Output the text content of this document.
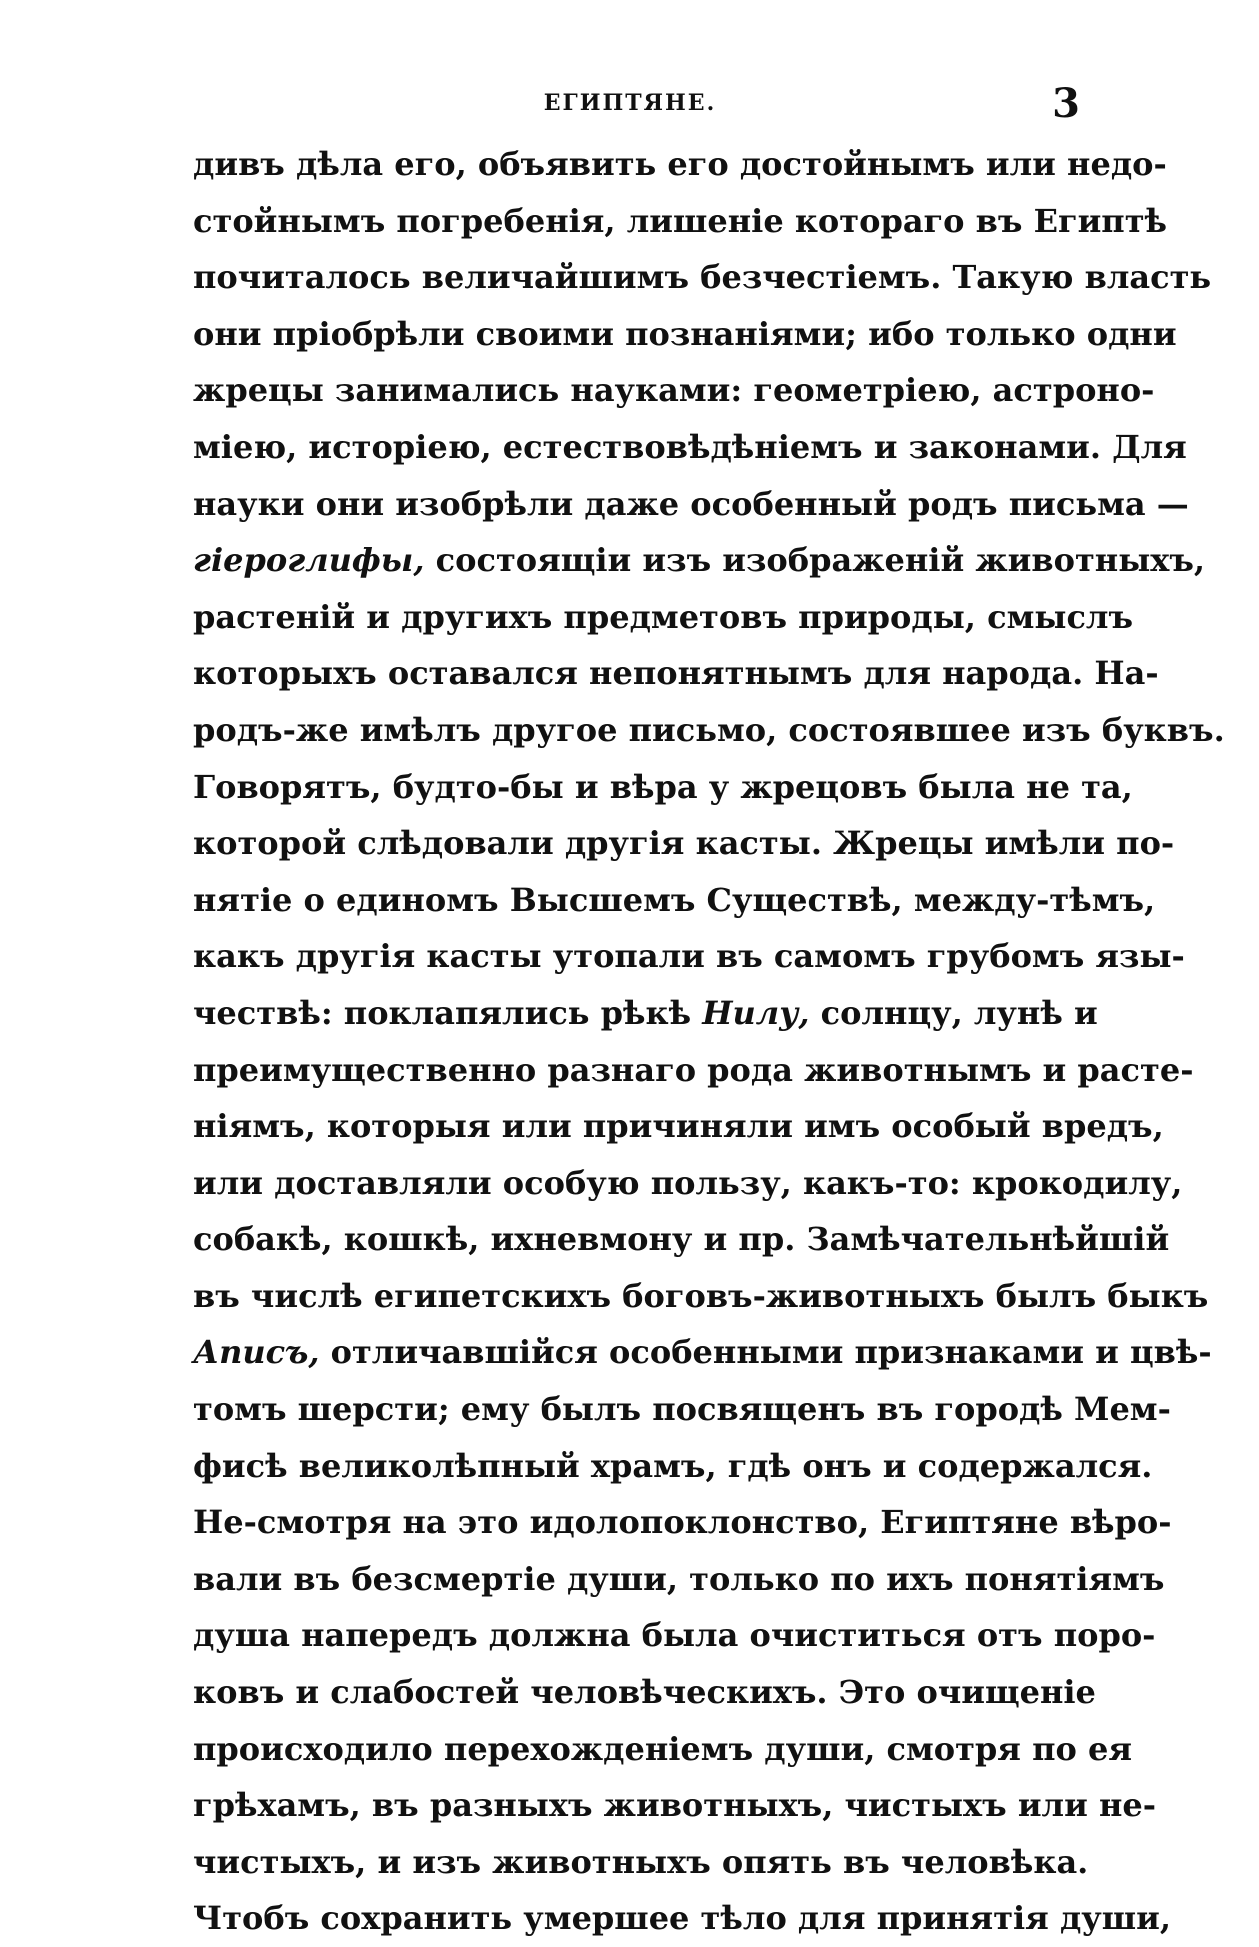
ЕГИПТЯНЕ.	3
дивъ дѣла его, объявить его достойнымъ или недо-
стойнымъ погребенія, лишеніе котораго въ Египтѣ
почиталось величайшимъ безчестіемъ. Такую власть
они пріобрѣли своими познаніями; ибо только одни
жрецы занимались науками: геометріею, астроно-
міею, исторіею, естествовѣдѣніемъ и законами. Для
науки они изобрѣли даже особенный родъ письма —
гіероглифы, состоящіи изъ изображеній животныхъ,
растеній и другихъ предметовъ природы, смыслъ
которыхъ оставался непонятнымъ для народа. На-
родъ-же имѣлъ другое письмо, состоявшее изъ буквъ.
Говорятъ, будто-бы и вѣра у жрецовъ была не та,
которой слѣдовали другія касты. Жрецы имѣли по-
нятіе о единомъ Высшемъ Существѣ, между-тѣмъ,
какъ другія касты утопали въ самомъ грубомъ язы-
чествѣ: поклапялись рѣкѣ Нилу, солнцу, лунѣ и
преимущественно разнаго рода животнымъ и расте-
ніямъ, которыя или причиняли имъ особый вредъ,
или доставляли особую пользу, какъ-то: крокодилу,
собакѣ, кошкѣ, ихневмону и пр. Замѣчательнѣйшій
въ числѣ египетскихъ боговъ-животныхъ былъ быкъ
Аписъ, отличавшійся особенными признаками и цвѣ-
томъ шерсти; ему былъ посвященъ въ городѣ Мем-
фисѣ великолѣпный храмъ, гдѣ онъ и содержался.
Не-смотря на это идолопоклонство, Египтяне вѣро-
вали въ безсмертіе души, только по ихъ понятіямъ
душа напередъ должна была очиститься отъ поро-
ковъ и слабостей человѣческихъ. Это очищеніе
происходило перехожденіемъ души, смотря по ея
грѣхамъ, въ разныхъ животныхъ, чистыхъ или не-
чистыхъ, и изъ животныхъ опять въ человѣка.
Чтобъ сохранить умершее тѣло для принятія души,
